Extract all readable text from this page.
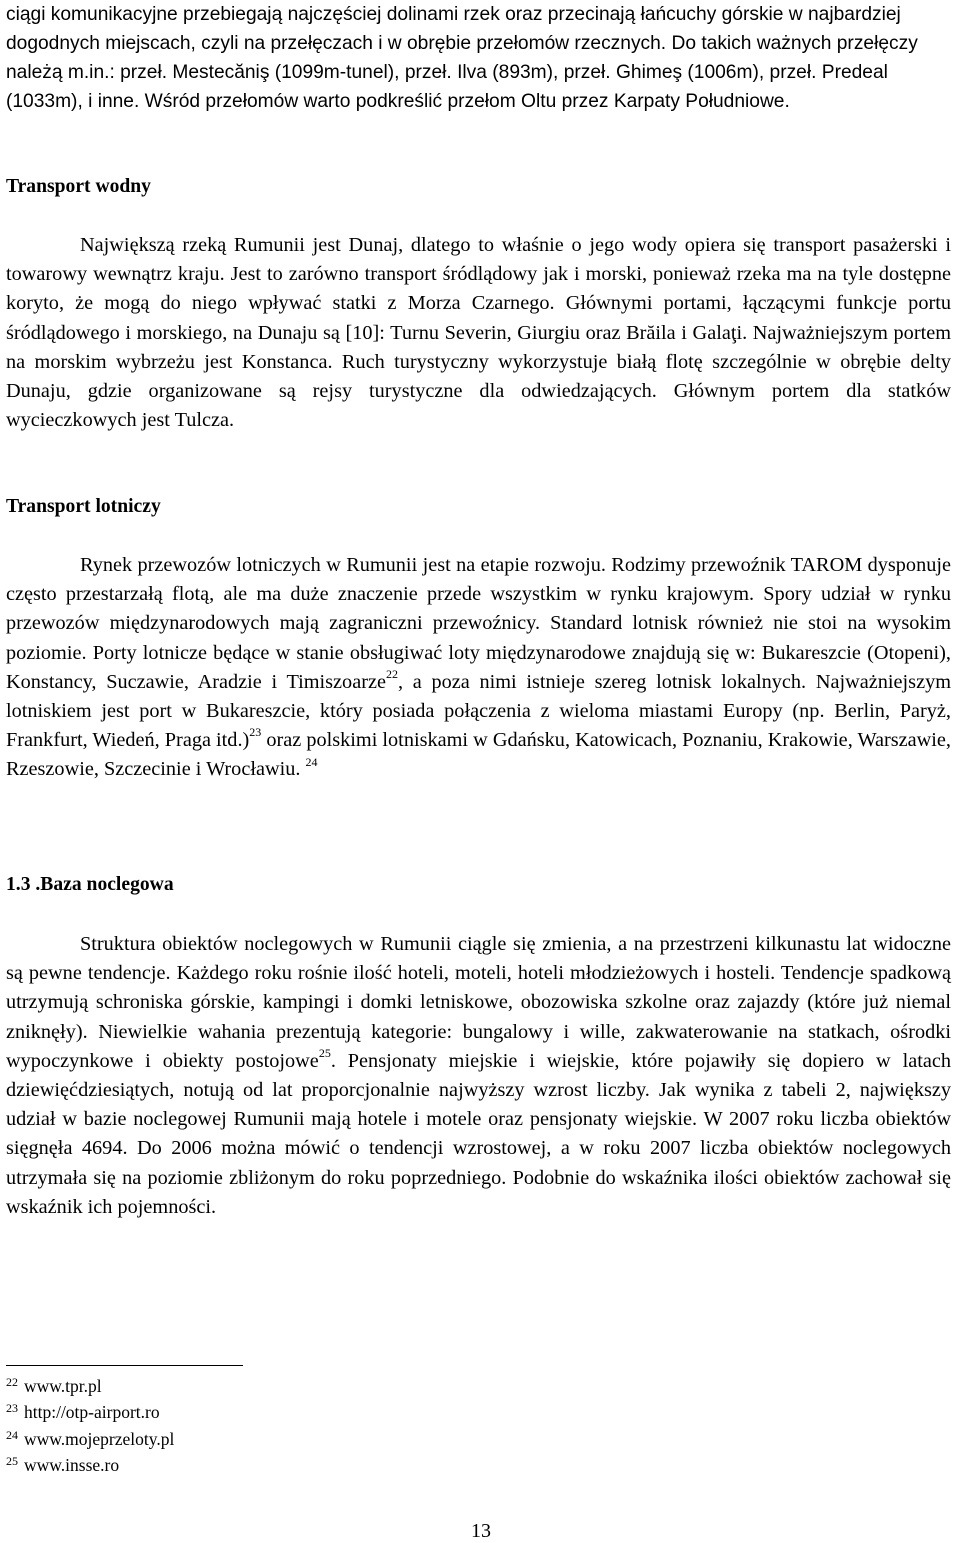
ciągi komunikacyjne przebiegają najczęściej dolinami rzek oraz przecinają łańcuchy górskie w najbardziej dogodnych miejscach, czyli na przełęczach i w obrębie przełomów rzecznych. Do takich ważnych przełęczy należą m.in.: przeł. Mestecăniş (1099m-tunel), przeł. Ilva (893m), przeł. Ghimeş (1006m), przeł. Predeal (1033m), i inne. Wśród przełomów warto podkreślić przełom Oltu przez Karpaty Południowe.
Transport wodny
Największą rzeką Rumunii jest Dunaj, dlatego to właśnie o jego wody opiera się transport pasażerski i towarowy wewnątrz kraju. Jest to zarówno transport śródlądowy jak i morski, ponieważ rzeka ma na tyle dostępne koryto, że mogą do niego wpływać statki z Morza Czarnego. Głównymi portami, łączącymi funkcje portu śródlądowego i morskiego, na Dunaju są [10]: Turnu Severin, Giurgiu oraz Brăila i Galaţi. Najważniejszym portem na morskim wybrzeżu jest Konstanca. Ruch turystyczny wykorzystuje białą flotę szczególnie w obrębie delty Dunaju, gdzie organizowane są rejsy turystyczne dla odwiedzających. Głównym portem dla statków wycieczkowych jest Tulcza.
Transport lotniczy
Rynek przewozów lotniczych w Rumunii jest na etapie rozwoju. Rodzimy przewoźnik TAROM dysponuje często przestarzałą flotą, ale ma duże znaczenie przede wszystkim w rynku krajowym. Spory udział w rynku przewozów międzynarodowych mają zagraniczni przewoźnicy. Standard lotnisk również nie stoi na wysokim poziomie. Porty lotnicze będące w stanie obsługiwać loty międzynarodowe znajdują się w: Bukareszcie (Otopeni), Konstancy, Suczawie, Aradzie i Timiszoarze$^{22}$, a poza nimi istnieje szereg lotnisk lokalnych. Najważniejszym lotniskiem jest port w Bukareszcie, który posiada połączenia z wieloma miastami Europy (np. Berlin, Paryż, Frankfurt, Wiedeń, Praga itd.)$^{23}$ oraz polskimi lotniskami w Gdańsku, Katowicach, Poznaniu, Krakowie, Warszawie, Rzeszowie, Szczecinie i Wrocławiu. $^{24}$
1.3 .Baza noclegowa
Struktura obiektów noclegowych w Rumunii ciągle się zmienia, a na przestrzeni kilkunastu lat widoczne są pewne tendencje. Każdego roku rośnie ilość hoteli, moteli, hoteli młodzieżowych i hosteli. Tendencje spadkową utrzymują schroniska górskie, kampingi i domki letniskowe, obozowiska szkolne oraz zajazdy (które już niemal zniknęły). Niewielkie wahania prezentują kategorie: bungalowy i wille, zakwaterowanie na statkach, ośrodki wypoczynkowe i obiekty postojowe$^{25}$. Pensjonaty miejskie i wiejskie, które pojawiły się dopiero w latach dziewięćdziesiątych, notują od lat proporcjonalnie najwyższy wzrost liczby. Jak wynika z tabeli 2, największy udział w bazie noclegowej Rumunii mają hotele i motele oraz pensjonaty wiejskie. W 2007 roku liczba obiektów sięgnęła 4694. Do 2006 można mówić o tendencji wzrostowej, a w roku 2007 liczba obiektów noclegowych utrzymała się na poziomie zbliżonym do roku poprzedniego. Podobnie do wskaźnika ilości obiektów zachował się wskaźnik ich pojemności.
$^{22}$ www.tpr.pl
$^{23}$ http://otp-airport.ro
$^{24}$ www.mojeprzeloty.pl
$^{25}$ www.insse.ro
13
